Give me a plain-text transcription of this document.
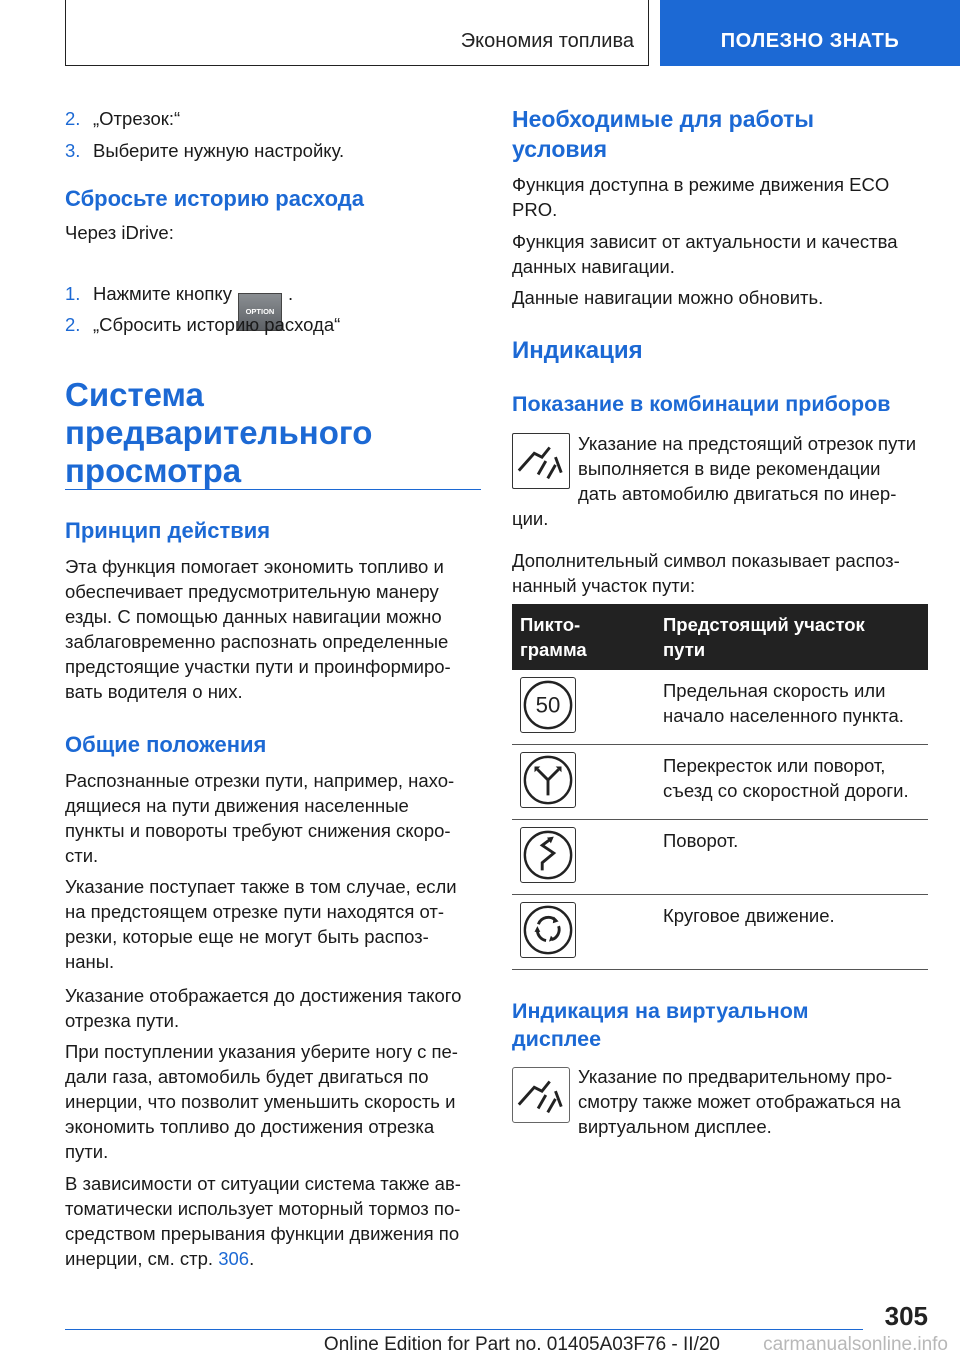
Экономия топлива	ПОЛЕЗНО ЗНАТЬ
2. „Отрезок:“
3. Выберите нужную настройку.
Сбросьте историю расхода
Через iDrive:
1. Нажмите кнопкуOPTION.
2. „Сбросить историю расхода“
Система
предварительного
просмотра
Принцип действия

Эта функция помогает экономить топливо и

обеспечивает предусмотрительную манеру

езды. С помощью данных навигации можно

заблаговременно распознать определенные

предстоящие участки пути и проинформиро-

вать водителя о них.

Общие положения

Распознанные отрезки пути, например, нахо-

дящиеся на пути движения населенные

пункты и повороты требуют снижения скоро-

сти.

Указание поступает также в том случае, если

на предстоящем отрезке пути находятся от-

резки, которые еще не могут быть распоз-

наны.

Указание отображается до достижения такого

отрезка пути.

При поступлении указания уберите ногу с пе-

дали газа, автомобиль будет двигаться по

инерции, что позволит уменьшить скорость и

экономить топливо до достижения отрезка

пути.

В зависимости от ситуации система также ав-

томатически использует моторный тормоз по-

средством прерывания функции движения по

инерции, см. стр. 306.

Необходимые для работы
условия

Функция доступна в режиме движения ECO

PRO.

Функция зависит от актуальности и качества

данных навигации.

Данные навигации можно обновить.

Индикация
Показание в комбинации приборов

Указание на предстоящий отрезок пути

выполняется в виде рекомендации

дать автомобилю двигаться по инер-

ции.

Дополнительный символ показывает распоз-

нанный участок пути:

Пикто-
грамма
Предстоящий участок
пути
50
Предельная скорость или
начало населенного пункта.
Перекресток или поворот,
съезд со скоростной дороги.
Поворот.
Круговое движение.
Индикация на виртуальном
дисплее

Указание по предварительному про-

смотру также может отображаться на

виртуальном дисплее.

305
Online Edition for Part no. 01405A03F76 - II/20 carmanualsonline.info
